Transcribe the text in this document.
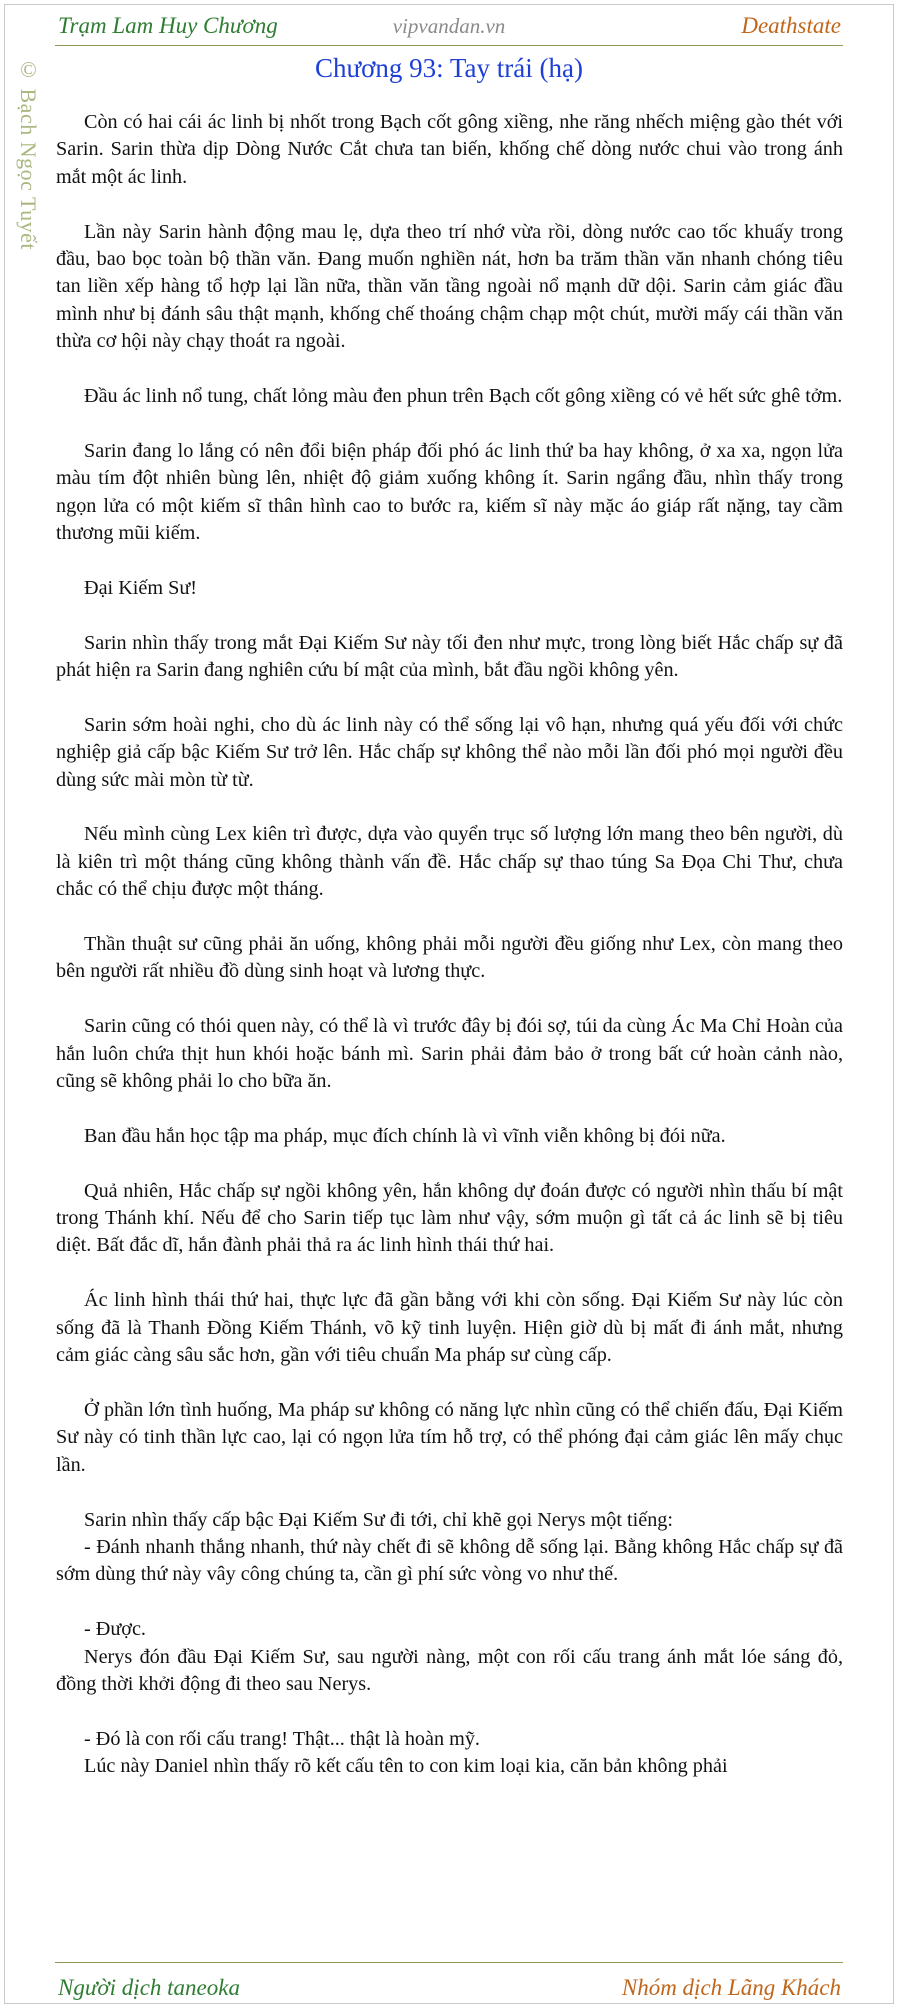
Trạm Lam Huy Chương	vipvandan.vn	Deathstate
© Bạch Ngọc Tuyết	Chương 93: Tay trái (hạ)

Còn có hai cái ác linh bị nhốt trong Bạch cốt gông xiềng, nhe răng nhếch miệng gào thét với Sarin. Sarin thừa dịp Dòng Nước Cắt chưa tan biến, khống chế dòng nước chui vào trong ánh mắt một ác linh.

Lần này Sarin hành động mau lẹ, dựa theo trí nhớ vừa rồi, dòng nước cao tốc khuấy trong đầu, bao bọc toàn bộ thần văn. Đang muốn nghiền nát, hơn ba trăm thần văn nhanh chóng tiêu tan liền xếp hàng tổ hợp lại lần nữa, thần văn tầng ngoài nổ mạnh dữ dội. Sarin cảm giác đầu mình như bị đánh sâu thật mạnh, khống chế thoáng chậm chạp một chút, mười mấy cái thần văn thừa cơ hội này chạy thoát ra ngoài.

Đầu ác linh nổ tung, chất lỏng màu đen phun trên Bạch cốt gông xiềng có vẻ hết sức ghê tởm.

Sarin đang lo lắng có nên đổi biện pháp đối phó ác linh thứ ba hay không, ở xa xa, ngọn lửa màu tím đột nhiên bùng lên, nhiệt độ giảm xuống không ít. Sarin ngẩng đầu, nhìn thấy trong ngọn lửa có một kiếm sĩ thân hình cao to bước ra, kiếm sĩ này mặc áo giáp rất nặng, tay cầm thương mũi kiếm.

Đại Kiếm Sư!

Sarin nhìn thấy trong mắt Đại Kiếm Sư này tối đen như mực, trong lòng biết Hắc chấp sự đã phát hiện ra Sarin đang nghiên cứu bí mật của mình, bắt đầu ngồi không yên.

Sarin sớm hoài nghi, cho dù ác linh này có thể sống lại vô hạn, nhưng quá yếu đối với chức nghiệp giả cấp bậc Kiếm Sư trở lên. Hắc chấp sự không thể nào mỗi lần đối phó mọi người đều dùng sức mài mòn từ từ.

Nếu mình cùng Lex kiên trì được, dựa vào quyển trục số lượng lớn mang theo bên người, dù là kiên trì một tháng cũng không thành vấn đề. Hắc chấp sự thao túng Sa Đọa Chi Thư, chưa chắc có thể chịu được một tháng.

Thần thuật sư cũng phải ăn uống, không phải mỗi người đều giống như Lex, còn mang theo bên người rất nhiều đồ dùng sinh hoạt và lương thực.

Sarin cũng có thói quen này, có thể là vì trước đây bị đói sợ, túi da cùng Ác Ma Chỉ Hoàn của hắn luôn chứa thịt hun khói hoặc bánh mì. Sarin phải đảm bảo ở trong bất cứ hoàn cảnh nào, cũng sẽ không phải lo cho bữa ăn.

Ban đầu hắn học tập ma pháp, mục đích chính là vì vĩnh viễn không bị đói nữa.

Quả nhiên, Hắc chấp sự ngồi không yên, hắn không dự đoán được có người nhìn thấu bí mật trong Thánh khí. Nếu để cho Sarin tiếp tục làm như vậy, sớm muộn gì tất cả ác linh sẽ bị tiêu diệt. Bất đắc dĩ, hắn đành phải thả ra ác linh hình thái thứ hai.

Ác linh hình thái thứ hai, thực lực đã gần bằng với khi còn sống. Đại Kiếm Sư này lúc còn sống đã là Thanh Đồng Kiếm Thánh, võ kỹ tinh luyện. Hiện giờ dù bị mất đi ánh mắt, nhưng cảm giác càng sâu sắc hơn, gần với tiêu chuẩn Ma pháp sư cùng cấp.

Ở phần lớn tình huống, Ma pháp sư không có năng lực nhìn cũng có thể chiến đấu, Đại Kiếm Sư này có tinh thần lực cao, lại có ngọn lửa tím hỗ trợ, có thể phóng đại cảm giác lên mấy chục lần.

Sarin nhìn thấy cấp bậc Đại Kiếm Sư đi tới, chỉ khẽ gọi Nerys một tiếng:

- Đánh nhanh thắng nhanh, thứ này chết đi sẽ không dễ sống lại. Bằng không Hắc chấp sự đã sớm dùng thứ này vây công chúng ta, cần gì phí sức vòng vo như thế.

- Được.

Nerys đón đầu Đại Kiếm Sư, sau người nàng, một con rối cấu trang ánh mắt lóe sáng đỏ, đồng thời khởi động đi theo sau Nerys.

- Đó là con rối cấu trang! Thật... thật là hoàn mỹ.

Lúc này Daniel nhìn thấy rõ kết cấu tên to con kim loại kia, căn bản không phải

Người dịch taneoka	Nhóm dịch Lãng Khách
